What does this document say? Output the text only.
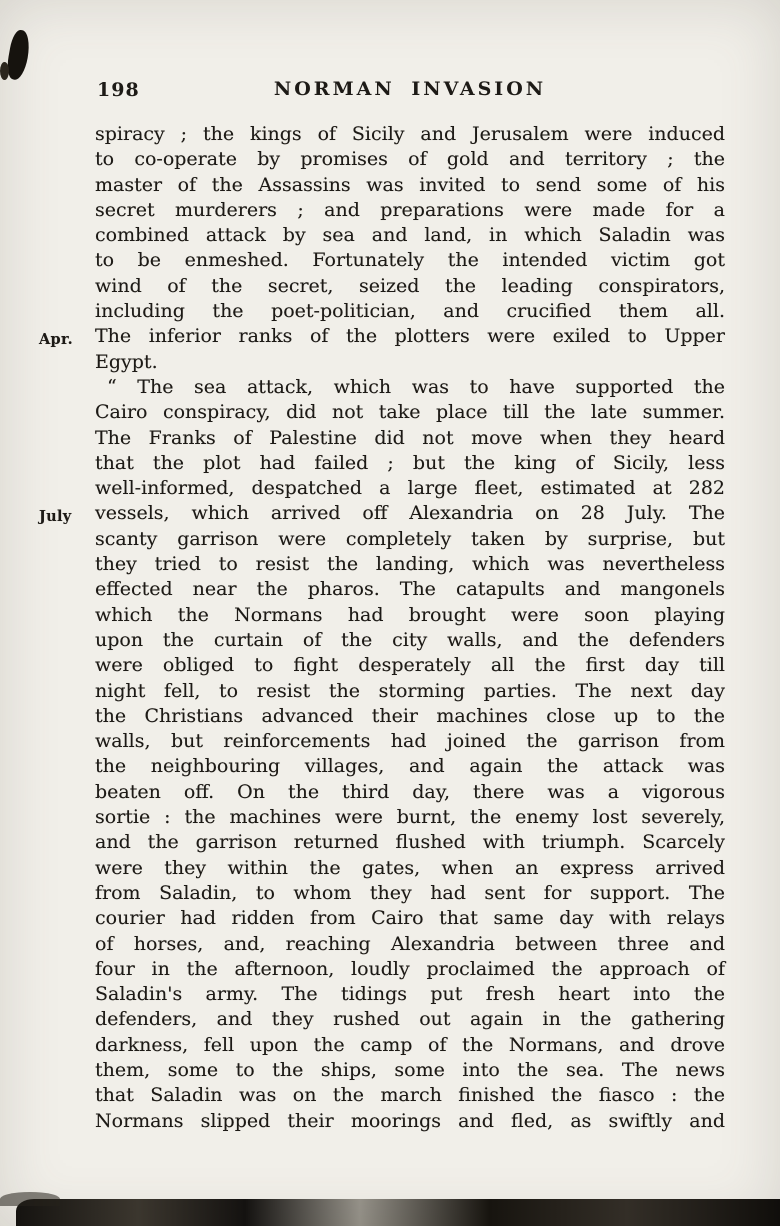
198	NORMAN INVASION
spiracy ; the kings of Sicily and Jerusalem were induced
to co-operate by promises of gold and territory ; the
master of the Assassins was invited to send some of his
secret murderers ; and preparations were made for a
combined attack by sea and land, in which Saladin was
to be enmeshed. Fortunately the intended victim got
wind of the secret, seized the leading conspirators,
including the poet-politician, and crucified them all.
Apr. The inferior ranks of the plotters were exiled to Upper
Egypt.
“ The sea attack, which was to have supported the
Cairo conspiracy, did not take place till the late summer.
The Franks of Palestine did not move when they heard
that the plot had failed ; but the king of Sicily, less
well-informed, despatched a large fleet, estimated at 282
July vessels, which arrived off Alexandria on 28 July. The
scanty garrison were completely taken by surprise, but
they tried to resist the landing, which was nevertheless
effected near the pharos. The catapults and mangonels
which the Normans had brought were soon playing
upon the curtain of the city walls, and the defenders
were obliged to fight desperately all the first day till
night fell, to resist the storming parties. The next day
the Christians advanced their machines close up to the
walls, but reinforcements had joined the garrison from
the neighbouring villages, and again the attack was
beaten off. On the third day, there was a vigorous
sortie : the machines were burnt, the enemy lost severely,
and the garrison returned flushed with triumph. Scarcely
were they within the gates, when an express arrived
from Saladin, to whom they had sent for support. The
courier had ridden from Cairo that same day with relays
of horses, and, reaching Alexandria between three and
four in the afternoon, loudly proclaimed the approach of
Saladin's army. The tidings put fresh heart into the
defenders, and they rushed out again in the gathering
darkness, fell upon the camp of the Normans, and drove
them, some to the ships, some into the sea. The news
that Saladin was on the march finished the fiasco : the
Normans slipped their moorings and fled, as swiftly and
